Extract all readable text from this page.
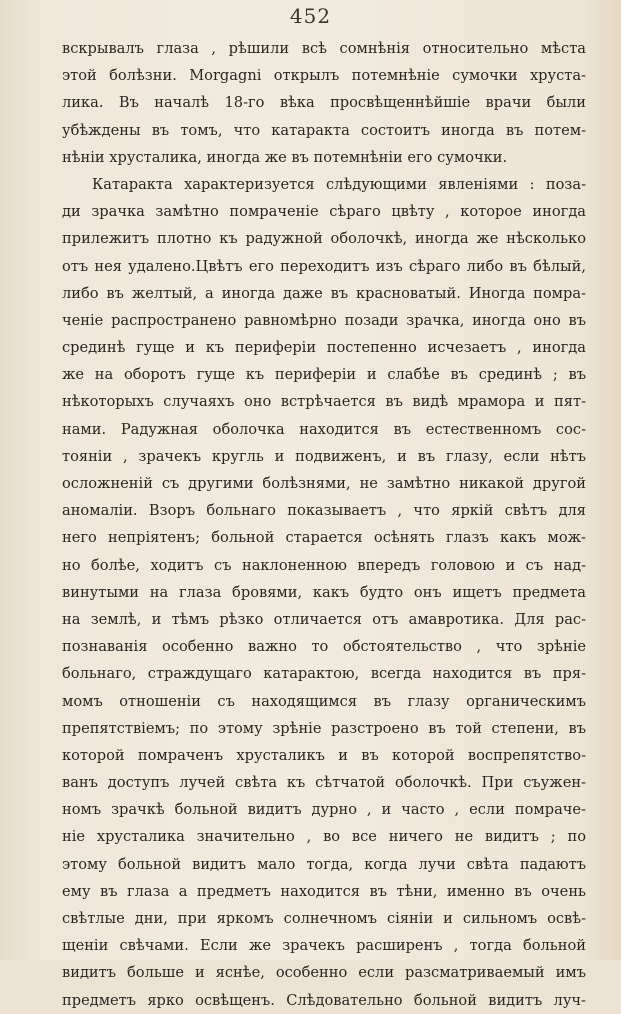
452
вскрывалъ глаза , рѣшили всѣ сомнѣнія относительно мѣста
этой болѣзни. Morgagni открылъ потемнѣніе сумочки хруста-
лика. Въ началѣ 18-го вѣка просвѣщеннѣйшіе врачи были
убѣждены въ томъ, что катаракта состоитъ иногда въ потем-
нѣніи хрусталика, иногда же въ потемнѣніи его сумочки.
Катаракта характеризуется слѣдующими явленіями : поза-
ди зрачка замѣтно помраченіе сѣраго цвѣту , которое иногда
прилежитъ плотно къ радужной оболочкѣ, иногда же нѣсколько
отъ нея удалено.Цвѣтъ его переходитъ изъ сѣраго либо въ бѣлый,
либо въ желтый, а иногда даже въ красноватый. Иногда помра-
ченіе распространено равномѣрно позади зрачка, иногда оно въ
срединѣ гуще и къ периферіи постепенно исчезаетъ , иногда
же на оборотъ гуще къ периферіи и слабѣе въ срединѣ ; въ
нѣкоторыхъ случаяхъ оно встрѣчается въ видѣ мрамора и пят-
нами. Радужная оболочка находится въ естественномъ сос-
тояніи , зрачекъ кругль и подвиженъ, и въ глазу, если нѣтъ
осложненій съ другими болѣзнями, не замѣтно никакой другой
аномаліи. Взоръ больнаго показываетъ , что яркій свѣтъ для
него непріятенъ; больной старается осѣнять глазъ какъ мож-
но болѣе, ходитъ съ наклоненною впередъ головою и съ над-
винутыми на глаза бровями, какъ будто онъ ищетъ предмета
на землѣ, и тѣмъ рѣзко отличается отъ амавротика. Для рас-
познаванія особенно важно то обстоятельство , что зрѣніе
больнаго, страждущаго катарактою, всегда находится въ пря-
момъ отношеніи съ находящимся въ глазу органическимъ
препятствіемъ; по этому зрѣніе разстроено въ той степени, въ
которой помраченъ хрусталикъ и въ которой воспрепятство-
ванъ доступъ лучей свѣта къ сѣтчатой оболочкѣ. При съужен-
номъ зрачкѣ больной видитъ дурно , и часто , если помраче-
ніе хрусталика значительно , во все ничего не видитъ ; по
этому больной видитъ мало тогда, когда лучи свѣта падаютъ
ему въ глаза а предметъ находится въ тѣни, именно въ очень
свѣтлые дни, при яркомъ солнечномъ сіяніи и сильномъ освѣ-
щеніи свѣчами. Если же зрачекъ расширенъ , тогда больной
видитъ больше и яснѣе, особенно если разсматриваемый имъ
предметъ ярко освѣщенъ. Слѣдовательно больной видитъ луч-
